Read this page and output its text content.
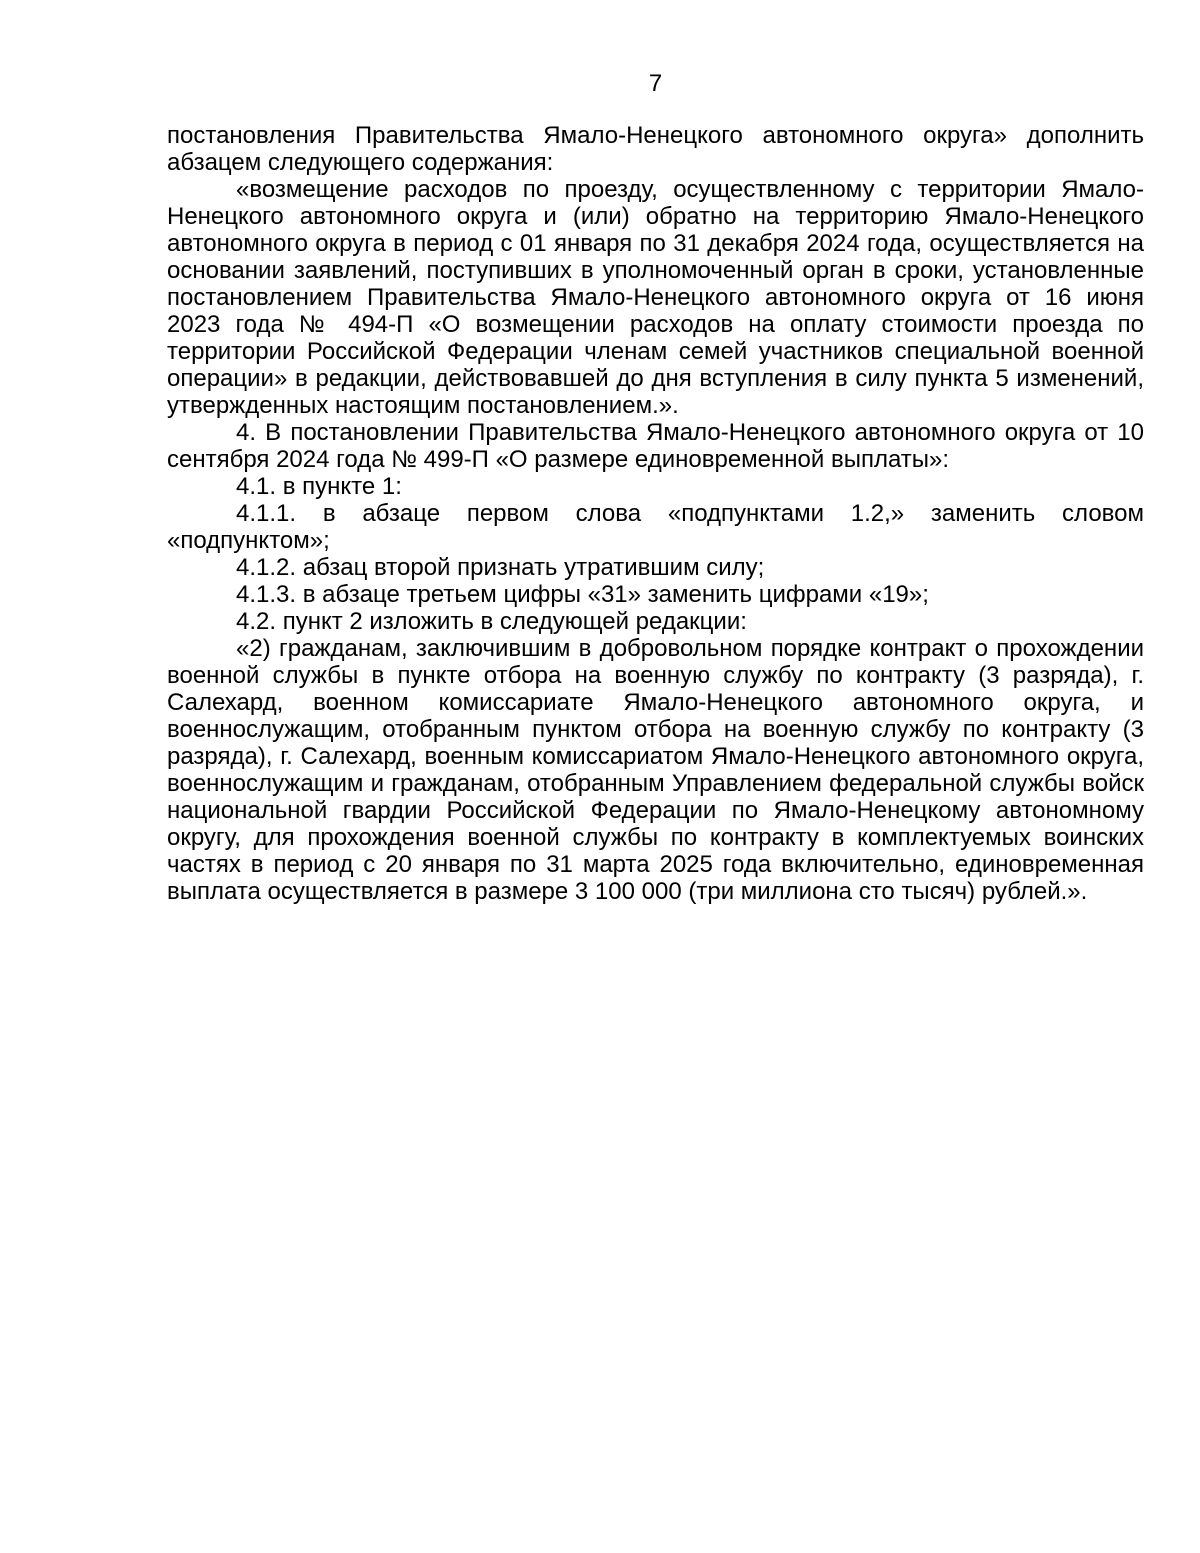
7

постановления Правительства Ямало-Ненецкого автономного округа» дополнить абзацем следующего содержания:

«возмещение расходов по проезду, осуществленному с территории Ямало-Ненецкого автономного округа и (или) обратно на территорию Ямало-Ненецкого автономного округа в период с 01 января по 31 декабря 2024 года, осуществляется на основании заявлений, поступивших в уполномоченный орган в сроки, установленные постановлением Правительства Ямало-Ненецкого автономного округа от 16 июня 2023 года № 494-П «О возмещении расходов на оплату стоимости проезда по территории Российской Федерации членам семей участников специальной военной операции» в редакции, действовавшей до дня вступления в силу пункта 5 изменений, утвержденных настоящим постановлением.».

4. В постановлении Правительства Ямало-Ненецкого автономного округа от 10 сентября 2024 года № 499-П «О размере единовременной выплаты»:

4.1. в пункте 1:

4.1.1. в абзаце первом слова «подпунктами 1.2,» заменить словом «подпунктом»;

4.1.2. абзац второй признать утратившим силу;

4.1.3. в абзаце третьем цифры «31» заменить цифрами «19»;

4.2. пункт 2 изложить в следующей редакции:

«2) гражданам, заключившим в добровольном порядке контракт о прохождении военной службы в пункте отбора на военную службу по контракту (3 разряда), г. Салехард, военном комиссариате Ямало-Ненецкого автономного округа, и военнослужащим, отобранным пунктом отбора на военную службу по контракту (3 разряда), г. Салехард, военным комиссариатом Ямало-Ненецкого автономного округа, военнослужащим и гражданам, отобранным Управлением федеральной службы войск национальной гвардии Российской Федерации по Ямало-Ненецкому автономному округу, для прохождения военной службы по контракту в комплектуемых воинских частях в период с 20 января по 31 марта 2025 года включительно, единовременная выплата осуществляется в размере 3 100 000 (три миллиона сто тысяч) рублей.».
